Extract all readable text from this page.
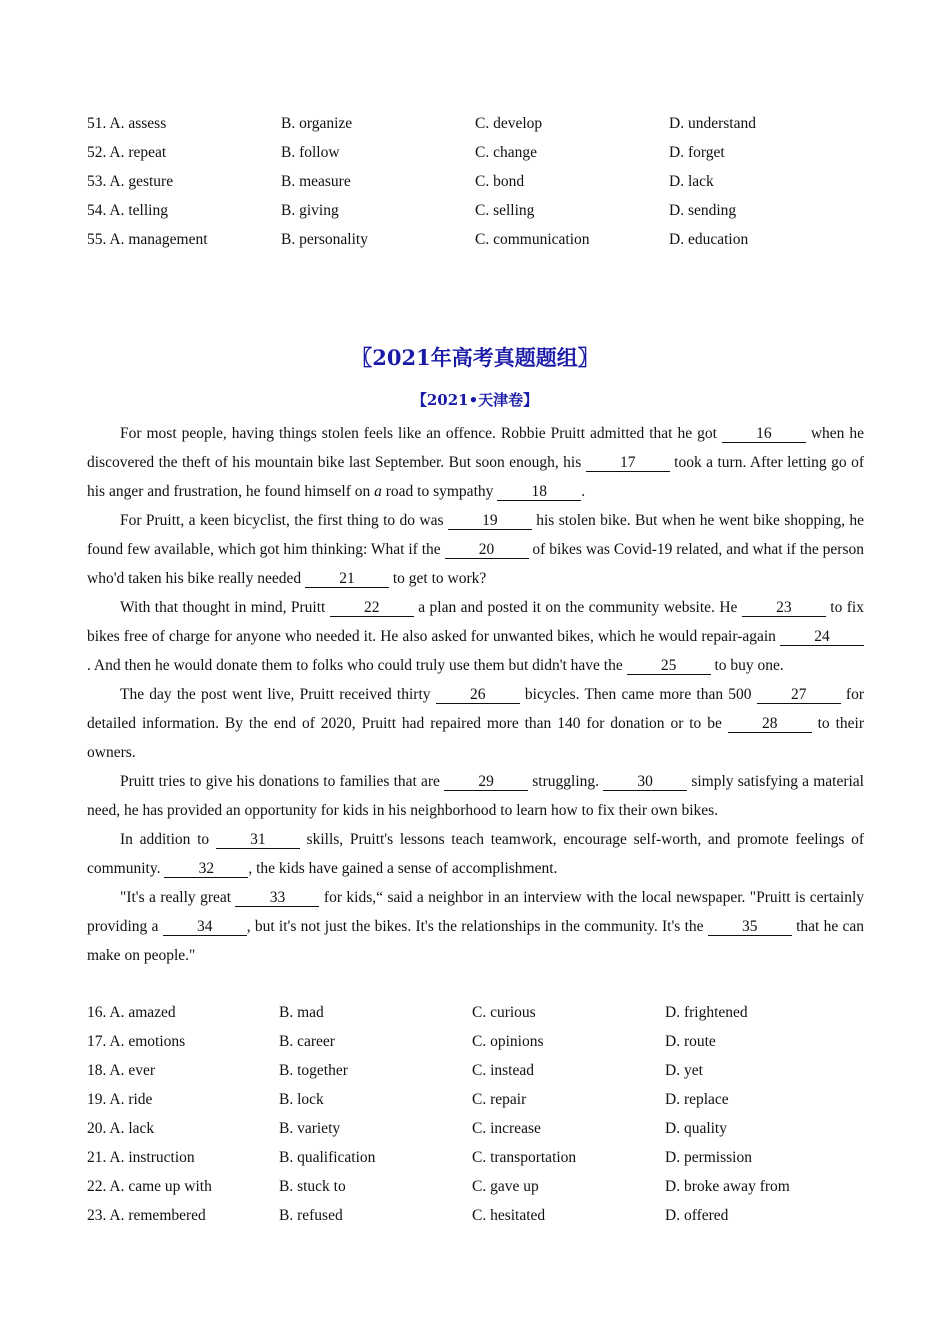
51. A. assess	B. organize	C. develop	D. understand
52. A. repeat	B. follow	C. change	D. forget
53. A. gesture	B. measure	C. bond	D. lack
54. A. telling	B. giving	C. selling	D. sending
55. A. management	B. personality	C. communication	D. education
〖2021年高考真题题组〗
【2021•天津卷】

For most people, having things stolen feels like an offence. Robbie Pruitt admitted that he got 16 when he discovered the theft of his mountain bike last September. But soon enough, his 17 took a turn. After letting go of his anger and frustration, he found himself on a road to sympathy 18 .

For Pruitt, a keen bicyclist, the first thing to do was 19 his stolen bike. But when he went bike shopping, he found few available, which got him thinking: What if the 20 of bikes was Covid-19 related, and what if the person who'd taken his bike really needed 21 to get to work?

With that thought in mind, Pruitt 22 a plan and posted it on the community website. He 23 to fix bikes free of charge for anyone who needed it. He also asked for unwanted bikes, which he would repair-again 24. And then he would donate them to folks who could truly use them but didn't have the 25 to buy one.

The day the post went live, Pruitt received thirty 26 bicycles. Then came more than 500 27 for detailed information. By the end of 2020, Pruitt had repaired more than 140 for donation or to be 28 to their owners.

Pruitt tries to give his donations to families that are 29 struggling. 30 simply satisfying a material need, he has provided an opportunity for kids in his neighborhood to learn how to fix their own bikes.

In addition to 31 skills, Pruitt's lessons teach teamwork, encourage self-worth, and promote feelings of community. 32 , the kids have gained a sense of accomplishment.

"It's a really great 33 for kids,“ said a neighbor in an interview with the local newspaper. "Pruitt is certainly providing a 34 , but it's not just the bikes. It's the relationships in the community. It's the 35 that he can make on people."

16. A. amazed	B. mad	C. curious	D. frightened
17. A. emotions	B. career	C. opinions	D. route
18. A. ever	B. together	C. instead	D. yet
19. A. ride	B. lock	C. repair	D. replace
20. A. lack	B. variety	C. increase	D. quality
21. A. instruction	B. qualification	C. transportation	D. permission
22. A. came up with	B. stuck to	C. gave up	D. broke away from
23. A. remembered	B. refused	C. hesitated	D. offered
